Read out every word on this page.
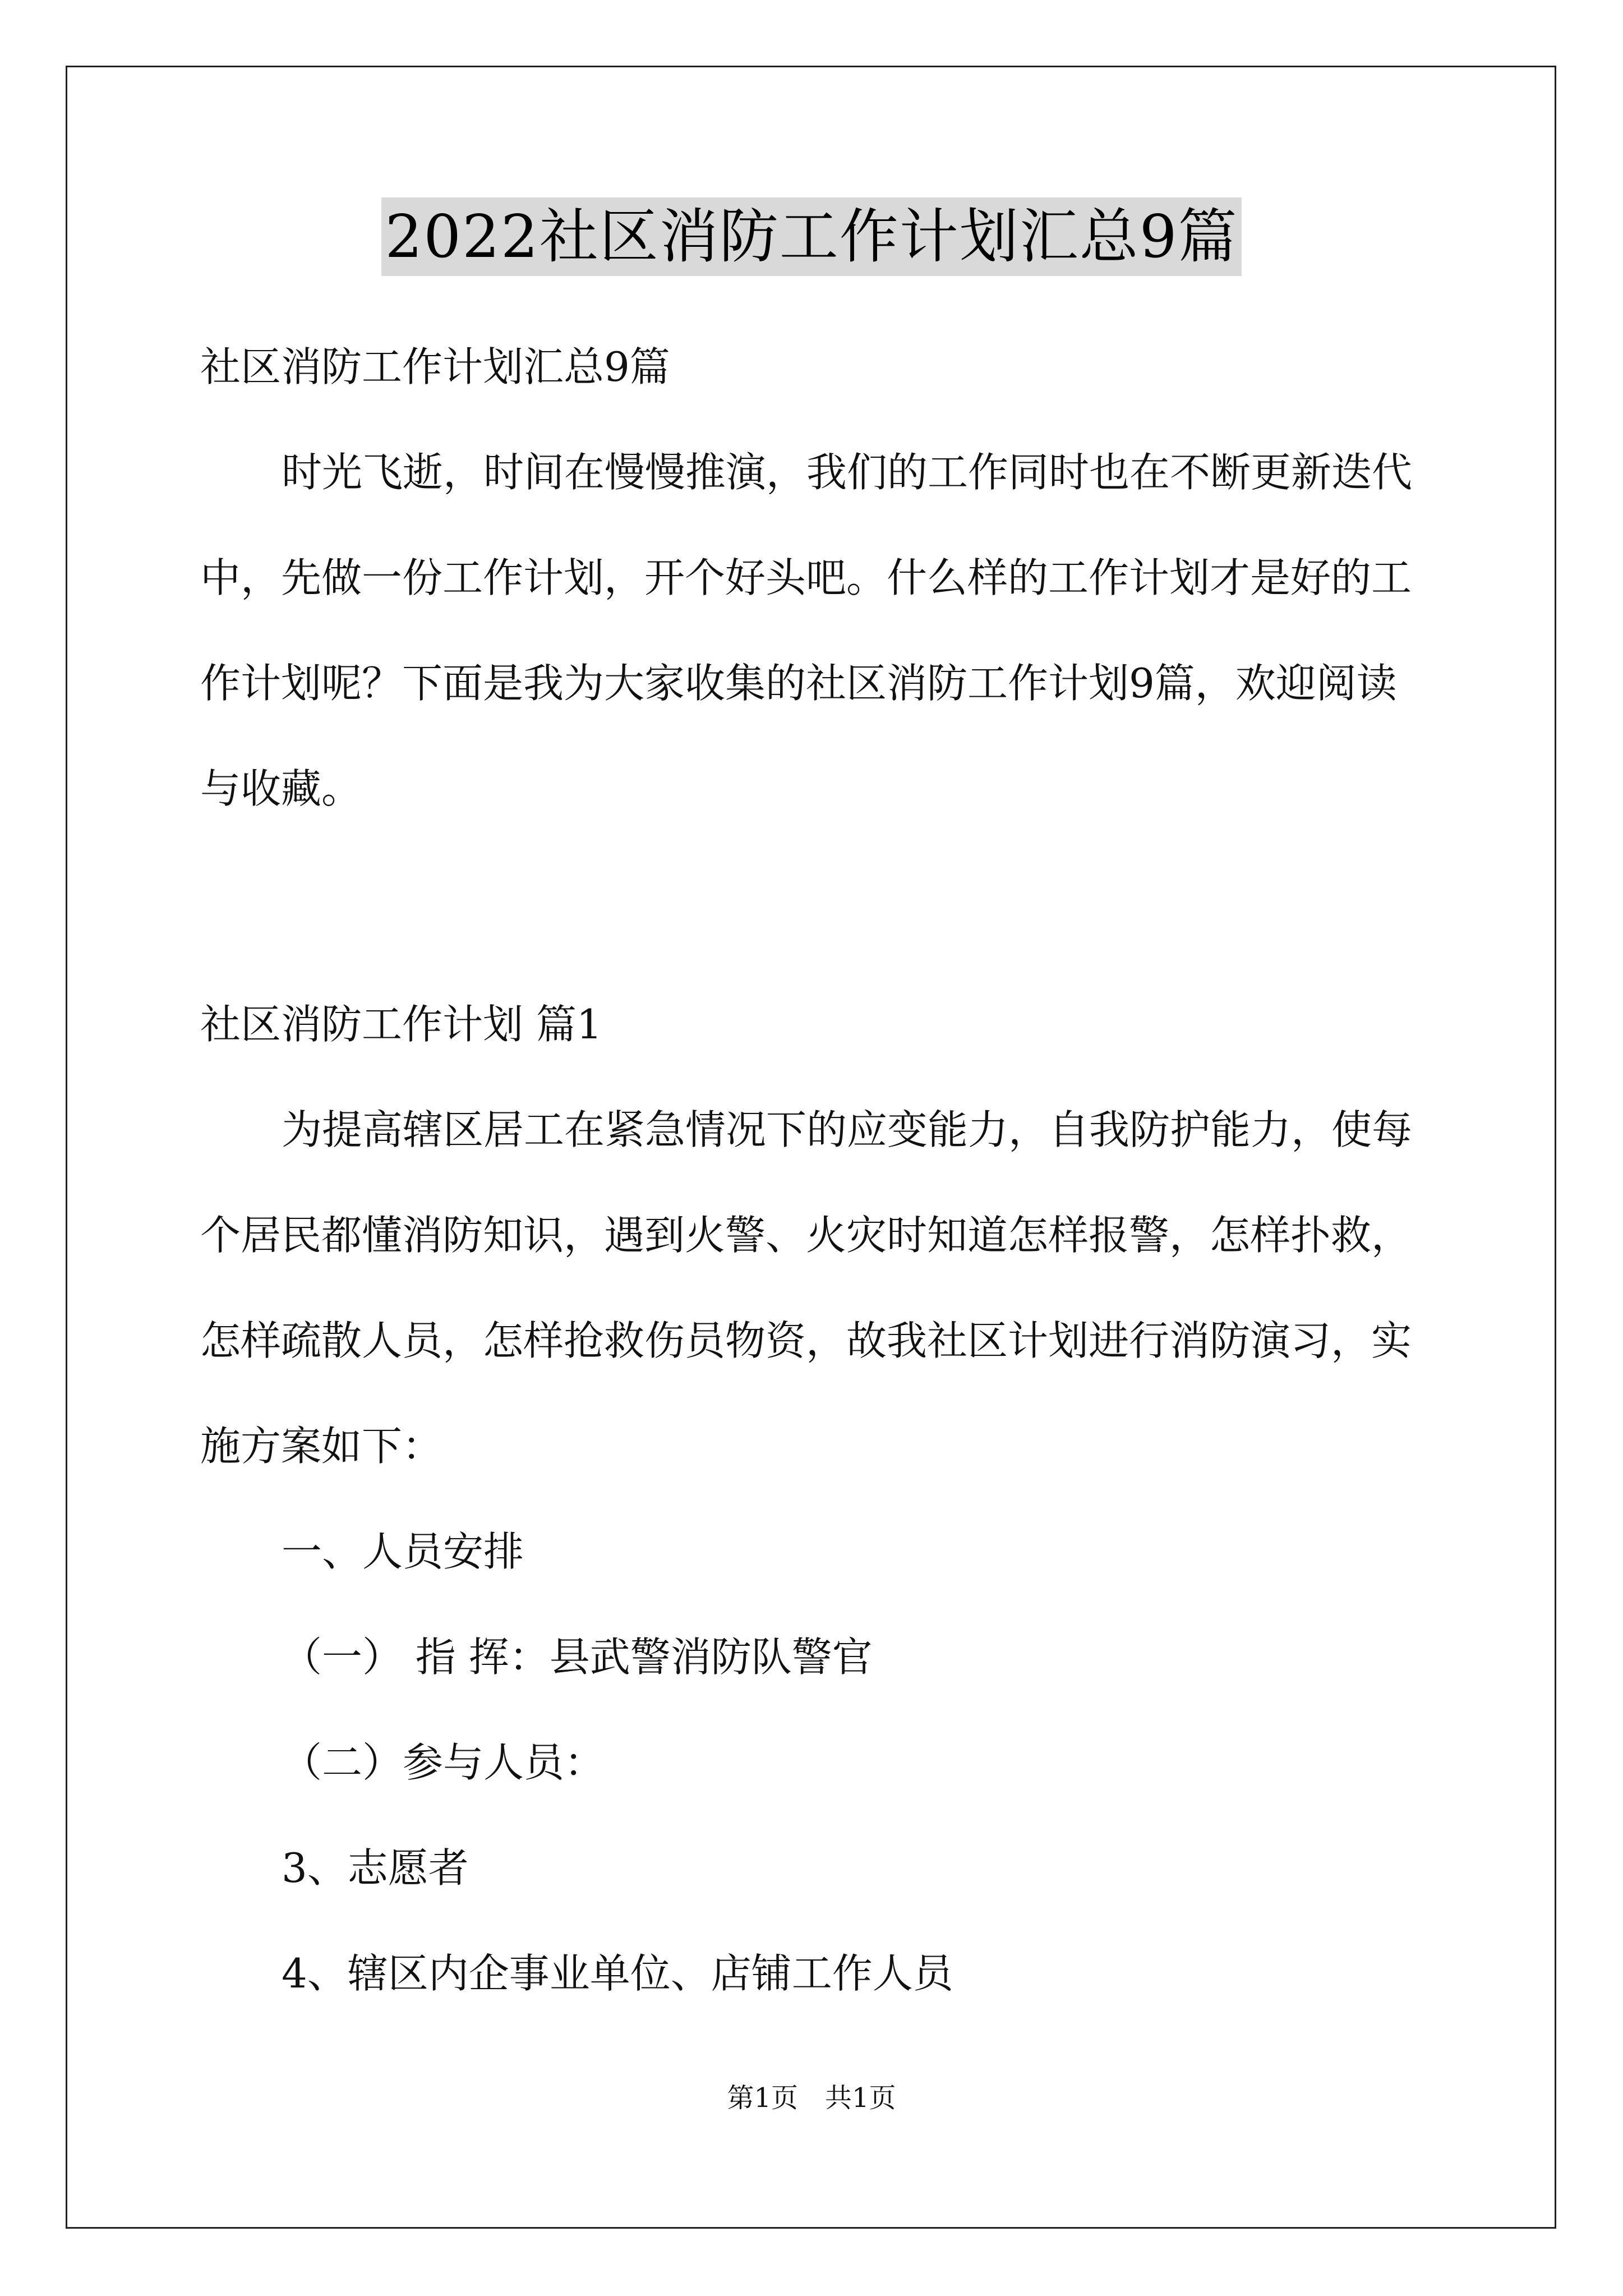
2022社区消防工作计划汇总9篇
社区消防工作计划汇总9篇
时光飞逝，时间在慢慢推演，我们的工作同时也在不断更新迭代
中，先做一份工作计划，开个好头吧。什么样的工作计划才是好的工
作计划呢？下面是我为大家收集的社区消防工作计划9篇，欢迎阅读
与收藏。
社区消防工作计划 篇1
为提高辖区居工在紧急情况下的应变能力，自我防护能力，使每
个居民都懂消防知识，遇到火警、火灾时知道怎样报警，怎样扑救，
怎样疏散人员，怎样抢救伤员物资，故我社区计划进行消防演习，实
施方案如下：
一、人员安排
（一） 指 挥：县武警消防队警官
（二）参与人员：
3、志愿者
4、辖区内企事业单位、店铺工作人员
第1页 共1页
